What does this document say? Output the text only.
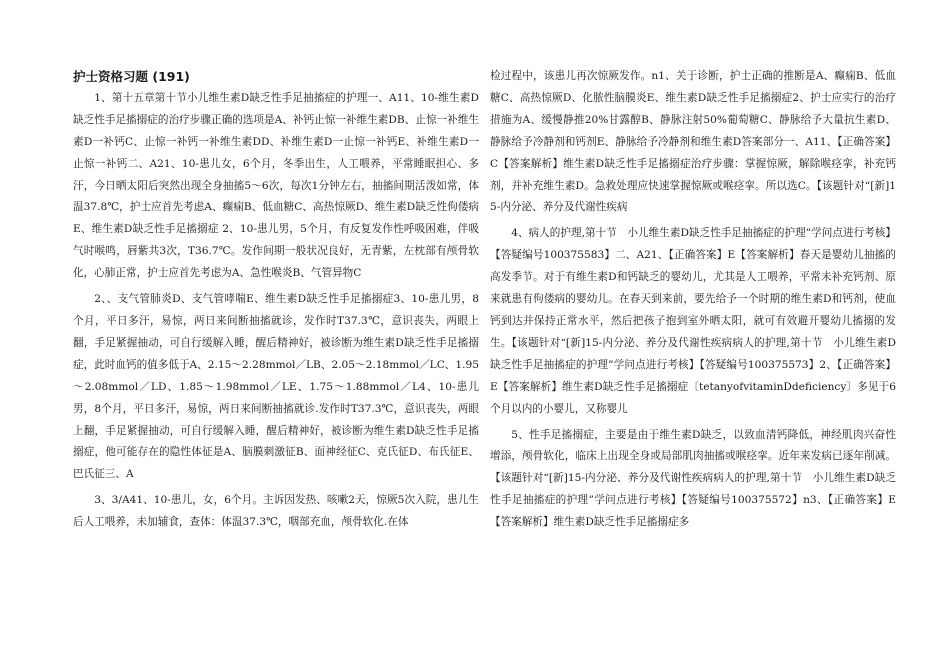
护士资格习题 (191)

1、第十五章第十节小儿维生素D缺乏性手足抽搐症的护理一、A11、10-维生素D缺乏性手足搐搦症的治疗步骤正确的选项是A、补钙止惊一补维生素DB、止惊一补维生素D一补钙C、止惊一补钙一补维生素DD、补维生素D一止惊一补钙E、补维生素D一止惊一补钙二、A21、10-患儿女，6个月，冬季出生，人工喂养，平常睡眠担心、多汗，今日晒太阳后突然出现全身抽搐5～6次，每次1分钟左右，抽搐间期活泼如常，体温37.8℃，护士应首先考虑A、癫痫B、低血糖C、高热惊厥D、维生素D缺乏性佝偻病E、维生素D缺乏性手足搐搦症 2、10-患儿男，5个月，有反复发作性呼吸困难，伴吸气时喉鸣，唇紫共3次，T36.7℃。发作间期一般状况良好，无青紫，左枕部有颅骨软化，心肺正常，护士应首先考虑为A、急性喉炎B、气管异物C

2、、支气管肺炎D、支气管哮喘E、维生素D缺乏性手足搐搦症3、10-患儿男，8个月，平日多汗，易惊，两日来间断抽搐就诊，发作时T37.3℃，意识丧失，两眼上翻，手足紧握抽动，可自行缓解入睡，醒后精神好，被诊断为维生素D缺乏性手足搐搦症，此时血钙的值多低于A、2.15～2.28mmol／LB、2.05～2.18mmol／LC、1.95～2.08mmol／LD、1.85～1.98mmol／LE、1.75～1.88mmol／L4、10-患儿男，8个月，平日多汗，易惊，两日来间断抽搐就诊.发作时T37.3℃，意识丧失，两眼上翻，手足紧握抽动，可自行缓解入睡，醒后精神好，被诊断为维生素D缺乏性手足搐搦症，他可能存在的隐性体征是A、脑膜刺激征B、面神经征C、克氏征D、布氏征E、巴氏征三、A

3、3/A41、10-患儿，女，6个月。主诉因发热、咳嗽2天，惊厥5次入院，患儿生后人工喂养，未加辅食，查体：体温37.3℃，咽部充血，颅骨软化.在体

检过程中，该患儿再次惊厥发作。n1、关于诊断，护士正确的推断是A、癫痫B、低血糖C、高热惊厥D、化脓性脑膜炎E、维生素D缺乏性手足搐搦症2、护士应实行的治疗措施为A、缓慢静推20%甘露醇B、静脉注射50%葡萄糖C、静脉给予大量抗生素D、静脉给予冷静剂和钙剂E、静脉给予冷静剂和维生素D答案部分一、A11、【正确答案】C【答案解析】维生素D缺乏性手足搐搦症治疗步骤：掌握惊厥，解除喉痉挛，补充钙剂，并补充维生素D。急救处理应快速掌握惊厥或喉痉挛。所以选C。【该题针对“[新]15-内分泌、养分及代谢性疾病

4、病人的护理,第十节　小儿维生素D缺乏性手足抽搐症的护理”学问点进行考核】【答疑编号100375583】二、A21、【正确答案】E【答案解析】春天是婴幼儿抽搐的高发季节。对于有维生素D和钙缺乏的婴幼儿，尤其是人工喂养，平常未补充钙剂、原来就患有佝偻病的婴幼儿。在春天到来前，要先给予一个时期的维生素D和钙剂，使血钙到达并保持正常水平，然后把孩子抱到室外晒太阳，就可有效避开婴幼儿搐搦的发生。【该题针对“[新]15-内分泌、养分及代谢性疾病病人的护理,第十节　小儿维生素D缺乏性手足抽搐症的护理”学问点进行考核】【答疑编号100375573】2、【正确答案】E【答案解析】维生素D缺乏性手足搐搦症〔tetanyofvitaminDdeficiency〕多见于6个月以内的小婴儿，又称婴儿

5、性手足搐搦症，主要是由于维生素D缺乏，以致血清钙降低，神经肌肉兴奋性增添，颅骨软化，临床上出现全身或局部肌肉抽搐或喉痉挛。近年来发病已逐年削减。【该题针对“[新]15-内分泌、养分及代谢性疾病病人的护理,第十节　小儿维生素D缺乏性手足抽搐症的护理”学问点进行考核】【答疑编号100375572】n3、【正确答案】E【答案解析】维生素D缺乏性手足搐搦症多
